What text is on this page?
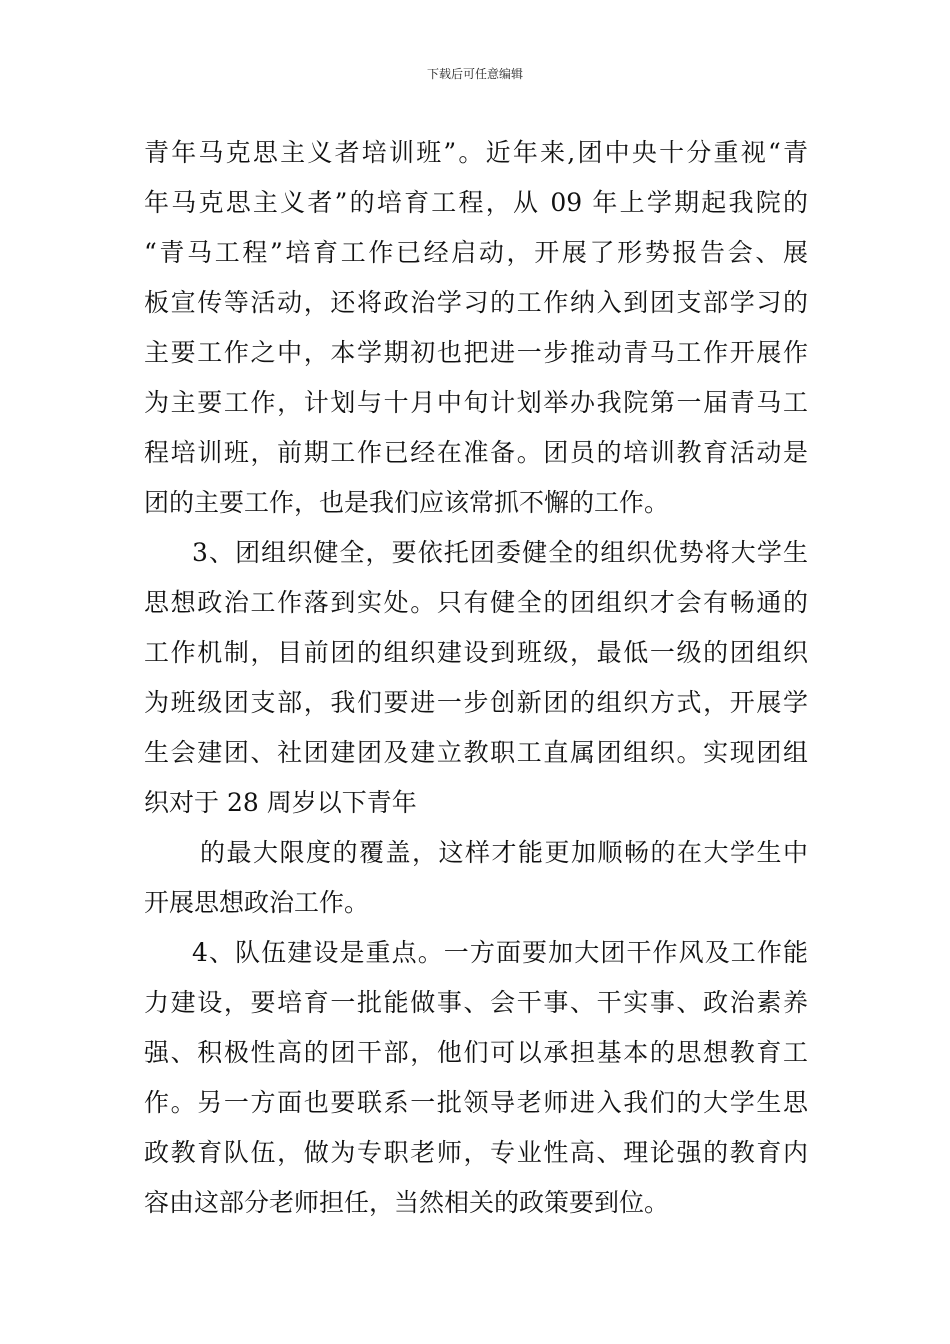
下载后可任意编辑
青年马克思主义者培训班”。近年来,团中央十分重视“青
年马克思主义者”的培育工程，从 09 年上学期起我院的
“青马工程”培育工作已经启动，开展了形势报告会、展
板宣传等活动，还将政治学习的工作纳入到团支部学习的
主要工作之中，本学期初也把进一步推动青马工作开展作
为主要工作，计划与十月中旬计划举办我院第一届青马工
程培训班，前期工作已经在准备。团员的培训教育活动是
团的主要工作，也是我们应该常抓不懈的工作。
3、团组织健全，要依托团委健全的组织优势将大学生
思想政治工作落到实处。只有健全的团组织才会有畅通的
工作机制，目前团的组织建设到班级，最低一级的团组织
为班级团支部，我们要进一步创新团的组织方式，开展学
生会建团、社团建团及建立教职工直属团组织。实现团组
织对于 28 周岁以下青年
的最大限度的覆盖，这样才能更加顺畅的在大学生中
开展思想政治工作。
4、队伍建设是重点。一方面要加大团干作风及工作能
力建设，要培育一批能做事、会干事、干实事、政治素养
强、积极性高的团干部，他们可以承担基本的思想教育工
作。另一方面也要联系一批领导老师进入我们的大学生思
政教育队伍，做为专职老师，专业性高、理论强的教育内
容由这部分老师担任，当然相关的政策要到位。
